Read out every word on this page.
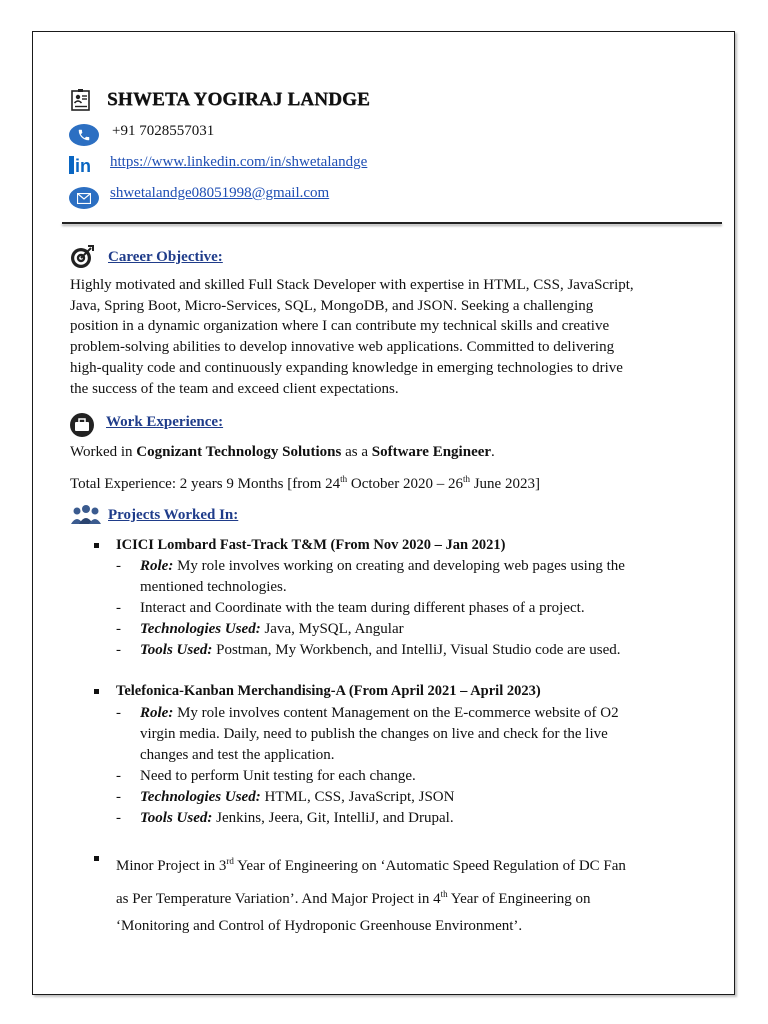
SHWETA YOGIRAJ LANDGE
+91 7028557031
in https://www.linkedin.com/in/shwetalandge
shwetalandge08051998@gmail.com
Career Objective:
Highly motivated and skilled Full Stack Developer with expertise in HTML, CSS, JavaScript,
Java, Spring Boot, Micro-Services, SQL, MongoDB, and JSON. Seeking a challenging
position in a dynamic organization where I can contribute my technical skills and creative
problem-solving abilities to develop innovative web applications. Committed to delivering
high-quality code and continuously expanding knowledge in emerging technologies to drive
the success of the team and exceed client expectations.
Work Experience:
Worked in Cognizant Technology Solutions as a Software Engineer.
Total Experience: 2 years 9 Months [from 24th October 2020 – 26th June 2023]
Projects Worked In:
ICICI Lombard Fast-Track T&M (From Nov 2020 – Jan 2021)
- Role: My role involves working on creating and developing web pages using the
mentioned technologies.
- Interact and Coordinate with the team during different phases of a project.
- Technologies Used: Java, MySQL, Angular
- Tools Used: Postman, My Workbench, and IntelliJ, Visual Studio code are used.
Telefonica-Kanban Merchandising-A (From April 2021 – April 2023)
- Role: My role involves content Management on the E-commerce website of O2
virgin media. Daily, need to publish the changes on live and check for the live
changes and test the application.
- Need to perform Unit testing for each change.
- Technologies Used: HTML, CSS, JavaScript, JSON
- Tools Used: Jenkins, Jeera, Git, IntelliJ, and Drupal.
Minor Project in 3rd Year of Engineering on ‘Automatic Speed Regulation of DC Fan
as Per Temperature Variation’. And Major Project in 4th Year of Engineering on
‘Monitoring and Control of Hydroponic Greenhouse Environment’.
